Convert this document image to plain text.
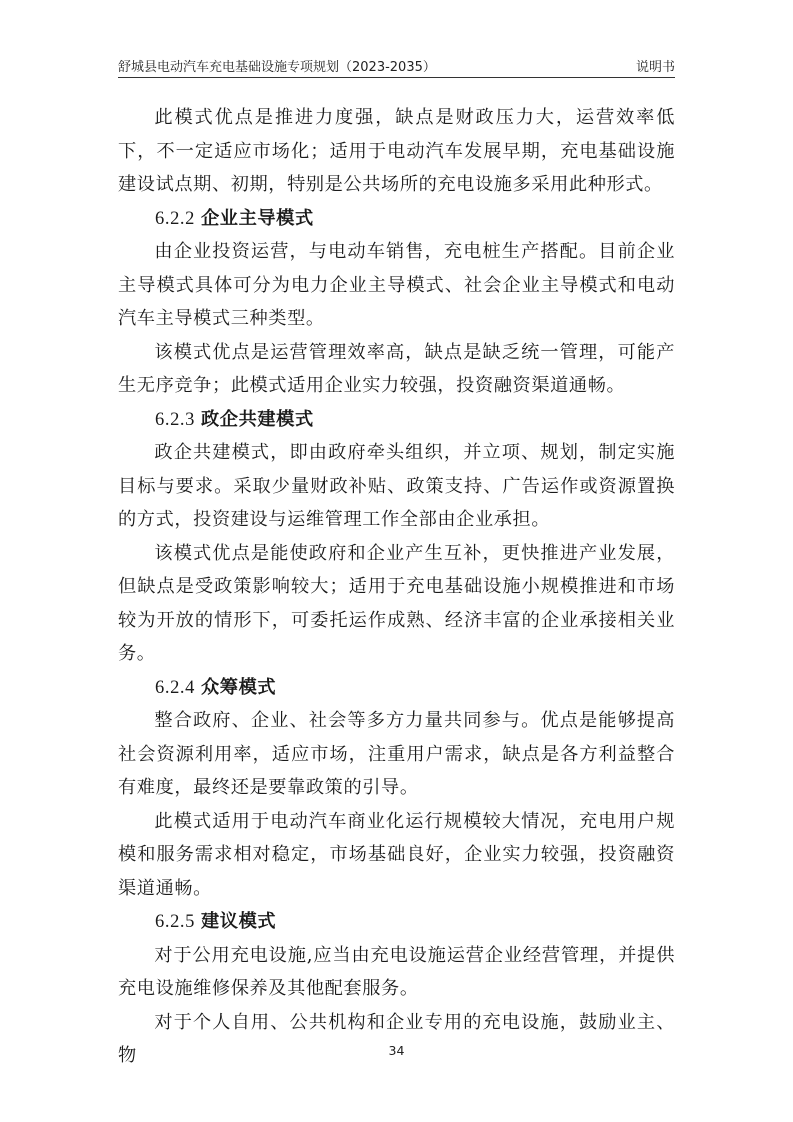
舒城县电动汽车充电基础设施专项规划（2023-2035）	说明书

此模式优点是推进力度强，缺点是财政压力大，运营效率低下，不一定适应市场化；适用于电动汽车发展早期，充电基础设施建设试点期、初期，特别是公共场所的充电设施多采用此种形式。

6.2.2 企业主导模式

由企业投资运营，与电动车销售，充电桩生产搭配。目前企业主导模式具体可分为电力企业主导模式、社会企业主导模式和电动汽车主导模式三种类型。

该模式优点是运营管理效率高，缺点是缺乏统一管理，可能产生无序竞争；此模式适用企业实力较强，投资融资渠道通畅。

6.2.3 政企共建模式

政企共建模式，即由政府牵头组织，并立项、规划，制定实施目标与要求。采取少量财政补贴、政策支持、广告运作或资源置换的方式，投资建设与运维管理工作全部由企业承担。

该模式优点是能使政府和企业产生互补，更快推进产业发展，但缺点是受政策影响较大；适用于充电基础设施小规模推进和市场较为开放的情形下，可委托运作成熟、经济丰富的企业承接相关业务。

6.2.4 众筹模式

整合政府、企业、社会等多方力量共同参与。优点是能够提高社会资源利用率，适应市场，注重用户需求，缺点是各方利益整合有难度，最终还是要靠政策的引导。

此模式适用于电动汽车商业化运行规模较大情况，充电用户规模和服务需求相对稳定，市场基础良好，企业实力较强，投资融资渠道通畅。

6.2.5 建议模式

对于公用充电设施,应当由充电设施运营企业经营管理，并提供充电设施维修保养及其他配套服务。

对于个人自用、公共机构和企业专用的充电设施，鼓励业主、物	34
